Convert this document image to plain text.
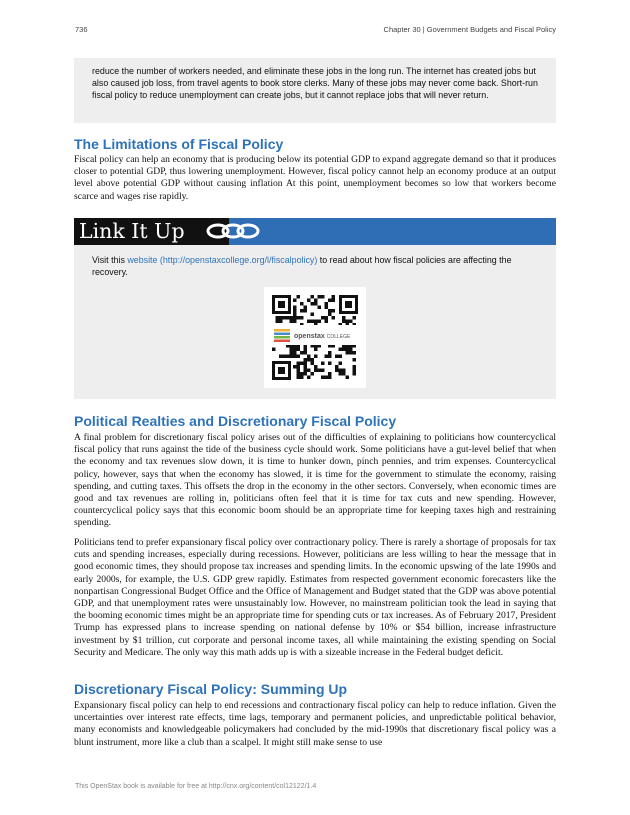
736	Chapter 30 | Government Budgets and Fiscal Policy
reduce the number of workers needed, and eliminate these jobs in the long run. The internet has created jobs but also caused job loss, from travel agents to book store clerks. Many of these jobs may never come back. Short-run fiscal policy to reduce unemployment can create jobs, but it cannot replace jobs that will never return.
The Limitations of Fiscal Policy

Fiscal policy can help an economy that is producing below its potential GDP to expand aggregate demand so that it produces closer to potential GDP, thus lowering unemployment. However, fiscal policy cannot help an economy produce at an output level above potential GDP without causing inflation At this point, unemployment becomes so low that workers become scarce and wages rise rapidly.

Link It Up
Visit this website (http://openstaxcollege.org/l/fiscalpolicy) to read about how fiscal policies are affecting the recovery.
openstax COLLEGE
Political Realties and Discretionary Fiscal Policy

A final problem for discretionary fiscal policy arises out of the difficulties of explaining to politicians how countercyclical fiscal policy that runs against the tide of the business cycle should work. Some politicians have a gut-level belief that when the economy and tax revenues slow down, it is time to hunker down, pinch pennies, and trim expenses. Countercyclical policy, however, says that when the economy has slowed, it is time for the government to stimulate the economy, raising spending, and cutting taxes. This offsets the drop in the economy in the other sectors. Conversely, when economic times are good and tax revenues are rolling in, politicians often feel that it is time for tax cuts and new spending. However, countercyclical policy says that this economic boom should be an appropriate time for keeping taxes high and restraining spending.

Politicians tend to prefer expansionary fiscal policy over contractionary policy. There is rarely a shortage of proposals for tax cuts and spending increases, especially during recessions. However, politicians are less willing to hear the message that in good economic times, they should propose tax increases and spending limits. In the economic upswing of the late 1990s and early 2000s, for example, the U.S. GDP grew rapidly. Estimates from respected government economic forecasters like the nonpartisan Congressional Budget Office and the Office of Management and Budget stated that the GDP was above potential GDP, and that unemployment rates were unsustainably low. However, no mainstream politician took the lead in saying that the booming economic times might be an appropriate time for spending cuts or tax increases. As of February 2017, President Trump has expressed plans to increase spending on national defense by 10% or $54 billion, increase infrastructure investment by $1 trillion, cut corporate and personal income taxes, all while maintaining the existing spending on Social Security and Medicare. The only way this math adds up is with a sizeable increase in the Federal budget deficit.

Discretionary Fiscal Policy: Summing Up

Expansionary fiscal policy can help to end recessions and contractionary fiscal policy can help to reduce inflation. Given the uncertainties over interest rate effects, time lags, temporary and permanent policies, and unpredictable political behavior, many economists and knowledgeable policymakers had concluded by the mid-1990s that discretionary fiscal policy was a blunt instrument, more like a club than a scalpel. It might still make sense to use

This OpenStax book is available for free at http://cnx.org/content/col12122/1.4
